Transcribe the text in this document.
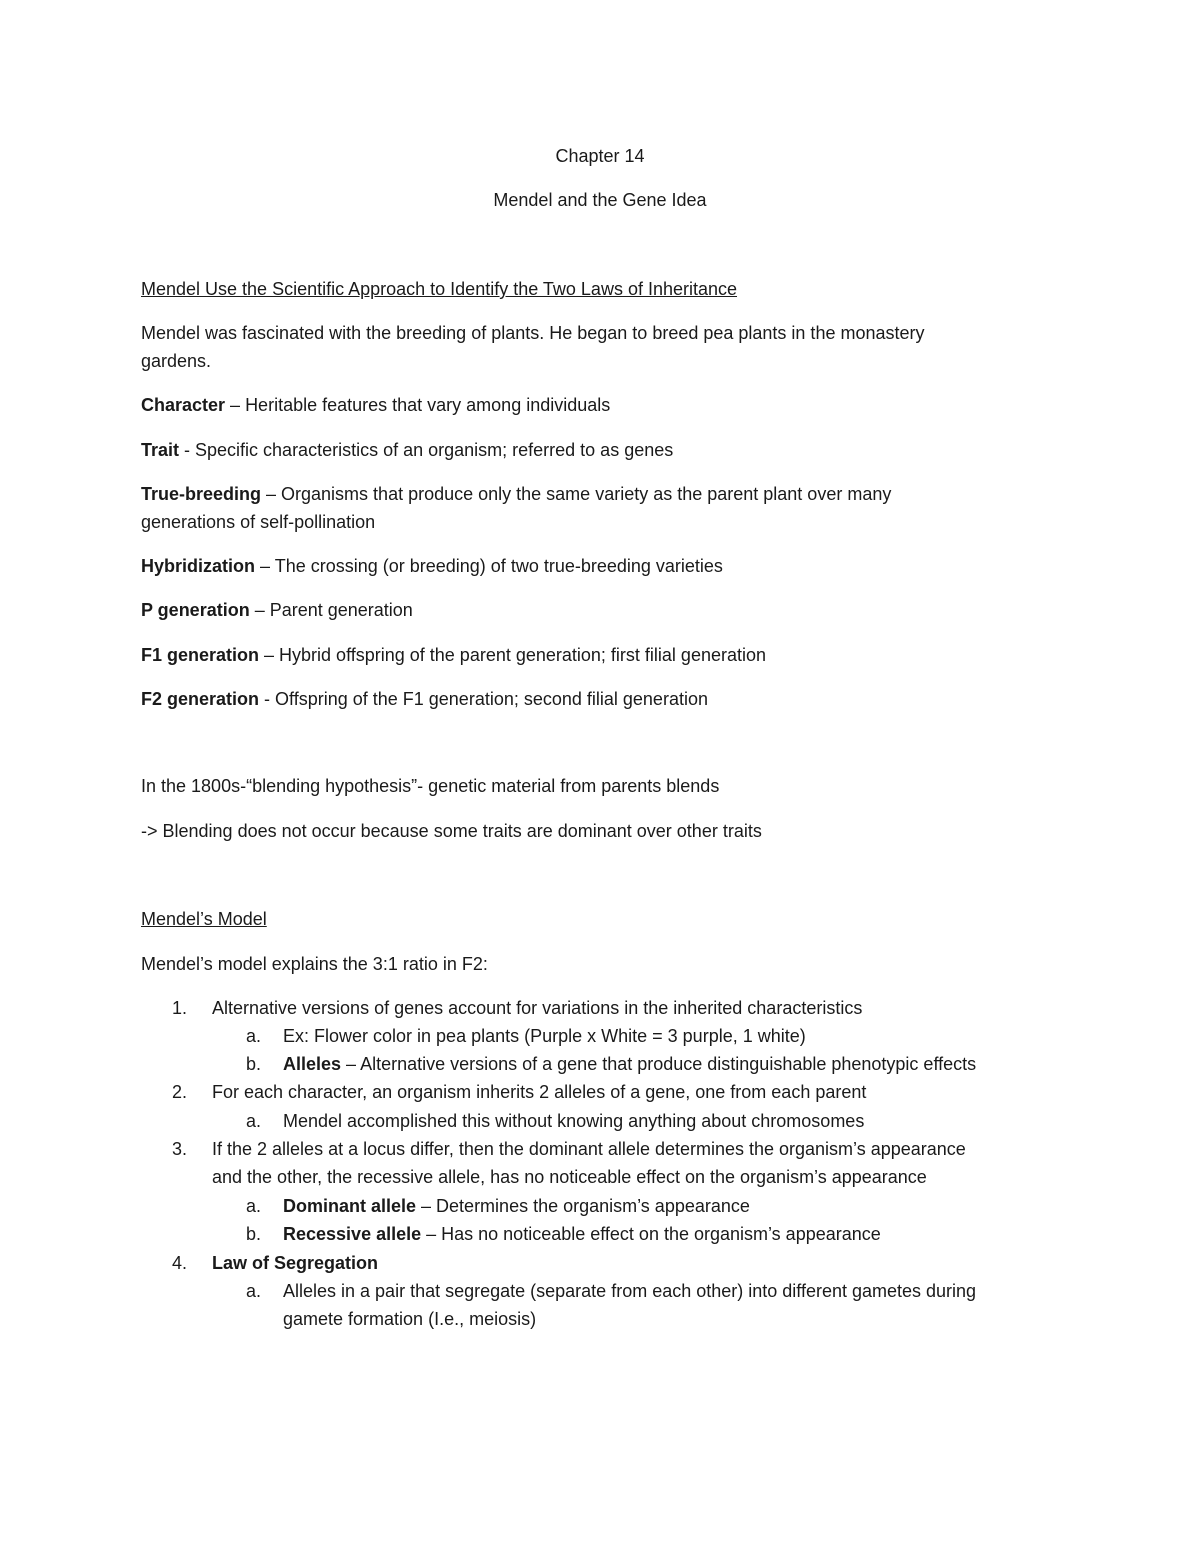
Chapter 14
Mendel and the Gene Idea
Mendel Use the Scientific Approach to Identify the Two Laws of Inheritance
Mendel was fascinated with the breeding of plants. He began to breed pea plants in the monastery
gardens.
Character – Heritable features that vary among individuals
Trait - Specific characteristics of an organism; referred to as genes
True-breeding – Organisms that produce only the same variety as the parent plant over many
generations of self-pollination
Hybridization – The crossing (or breeding) of two true-breeding varieties
P generation – Parent generation
F1 generation – Hybrid offspring of the parent generation; first filial generation
F2 generation - Offspring of the F1 generation; second filial generation
In the 1800s-“blending hypothesis”- genetic material from parents blends
-> Blending does not occur because some traits are dominant over other traits
Mendel’s Model
Mendel’s model explains the 3:1 ratio in F2:
1.	Alternative versions of genes account for variations in the inherited characteristics
a.	Ex: Flower color in pea plants (Purple x White = 3 purple, 1 white)
b.	Alleles – Alternative versions of a gene that produce distinguishable phenotypic effects
2.	For each character, an organism inherits 2 alleles of a gene, one from each parent
a.	Mendel accomplished this without knowing anything about chromosomes
3.	If the 2 alleles at a locus differ, then the dominant allele determines the organism’s appearance
and the other, the recessive allele, has no noticeable effect on the organism’s appearance
a.	Dominant allele – Determines the organism’s appearance
b.	Recessive allele – Has no noticeable effect on the organism’s appearance
4.	Law of Segregation
a.	Alleles in a pair that segregate (separate from each other) into different gametes during
gamete formation (I.e., meiosis)
